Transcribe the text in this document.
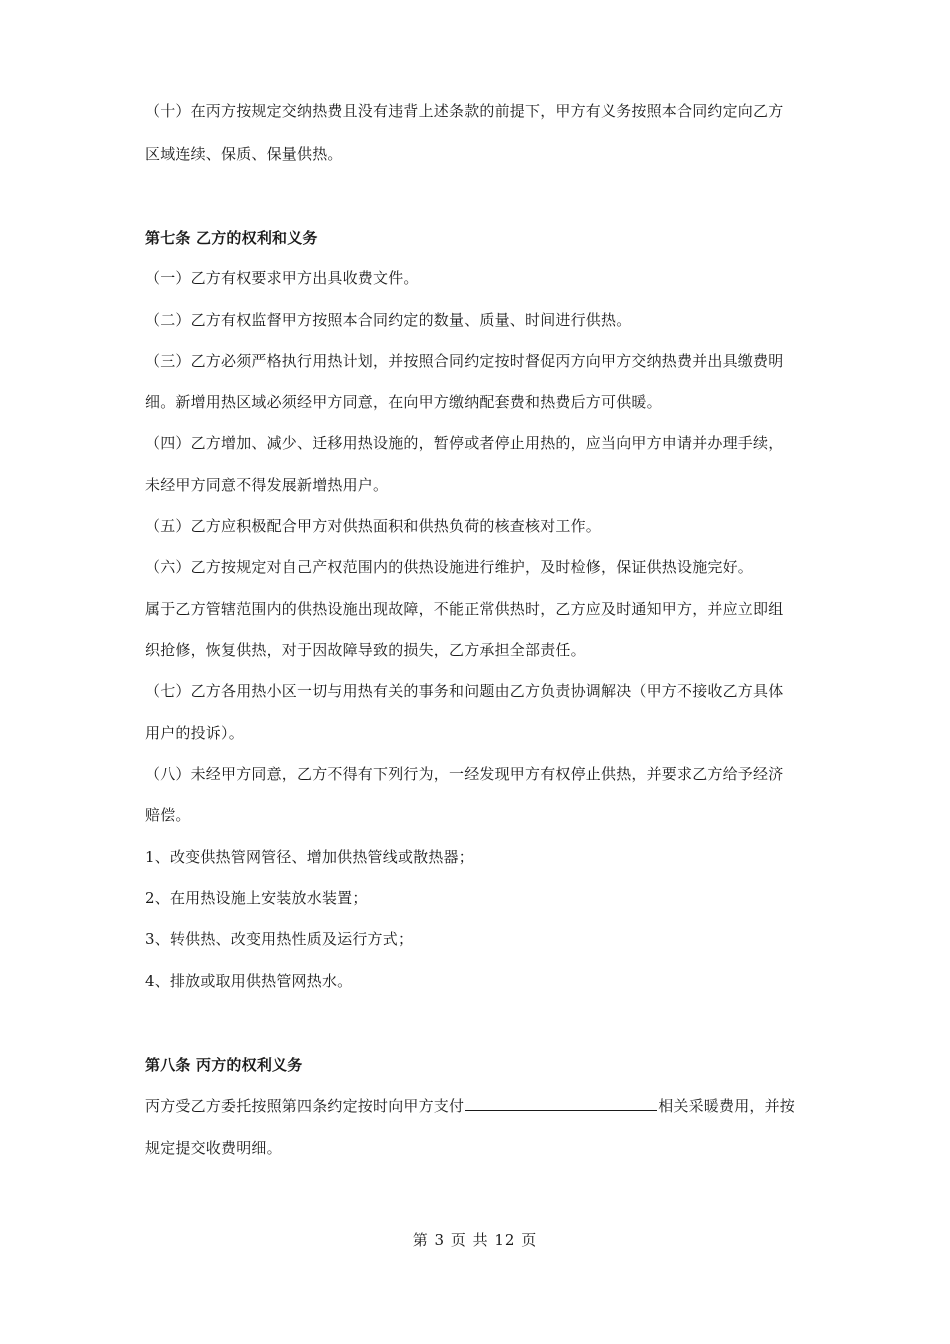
（十）在丙方按规定交纳热费且没有违背上述条款的前提下，甲方有义务按照本合同约定向乙方
区域连续、保质、保量供热。
第七条 乙方的权利和义务
（一）乙方有权要求甲方出具收费文件。
（二）乙方有权监督甲方按照本合同约定的数量、质量、时间进行供热。
（三）乙方必须严格执行用热计划，并按照合同约定按时督促丙方向甲方交纳热费并出具缴费明
细。新增用热区域必须经甲方同意，在向甲方缴纳配套费和热费后方可供暖。
（四）乙方增加、减少、迁移用热设施的，暂停或者停止用热的，应当向甲方申请并办理手续，
未经甲方同意不得发展新增热用户。
（五）乙方应积极配合甲方对供热面积和供热负荷的核查核对工作。
（六）乙方按规定对自己产权范围内的供热设施进行维护，及时检修，保证供热设施完好。
属于乙方管辖范围内的供热设施出现故障，不能正常供热时，乙方应及时通知甲方，并应立即组
织抢修，恢复供热，对于因故障导致的损失，乙方承担全部责任。
（七）乙方各用热小区一切与用热有关的事务和问题由乙方负责协调解决（甲方不接收乙方具体
用户的投诉）。
（八）未经甲方同意，乙方不得有下列行为，一经发现甲方有权停止供热，并要求乙方给予经济
赔偿。
1、改变供热管网管径、增加供热管线或散热器；
2、在用热设施上安装放水装置；
3、转供热、改变用热性质及运行方式；
4、排放或取用供热管网热水。
第八条 丙方的权利义务
丙方受乙方委托按照第四条约定按时向甲方支付	相关采暖费用，并按
规定提交收费明细。
第 3 页 共 12 页
